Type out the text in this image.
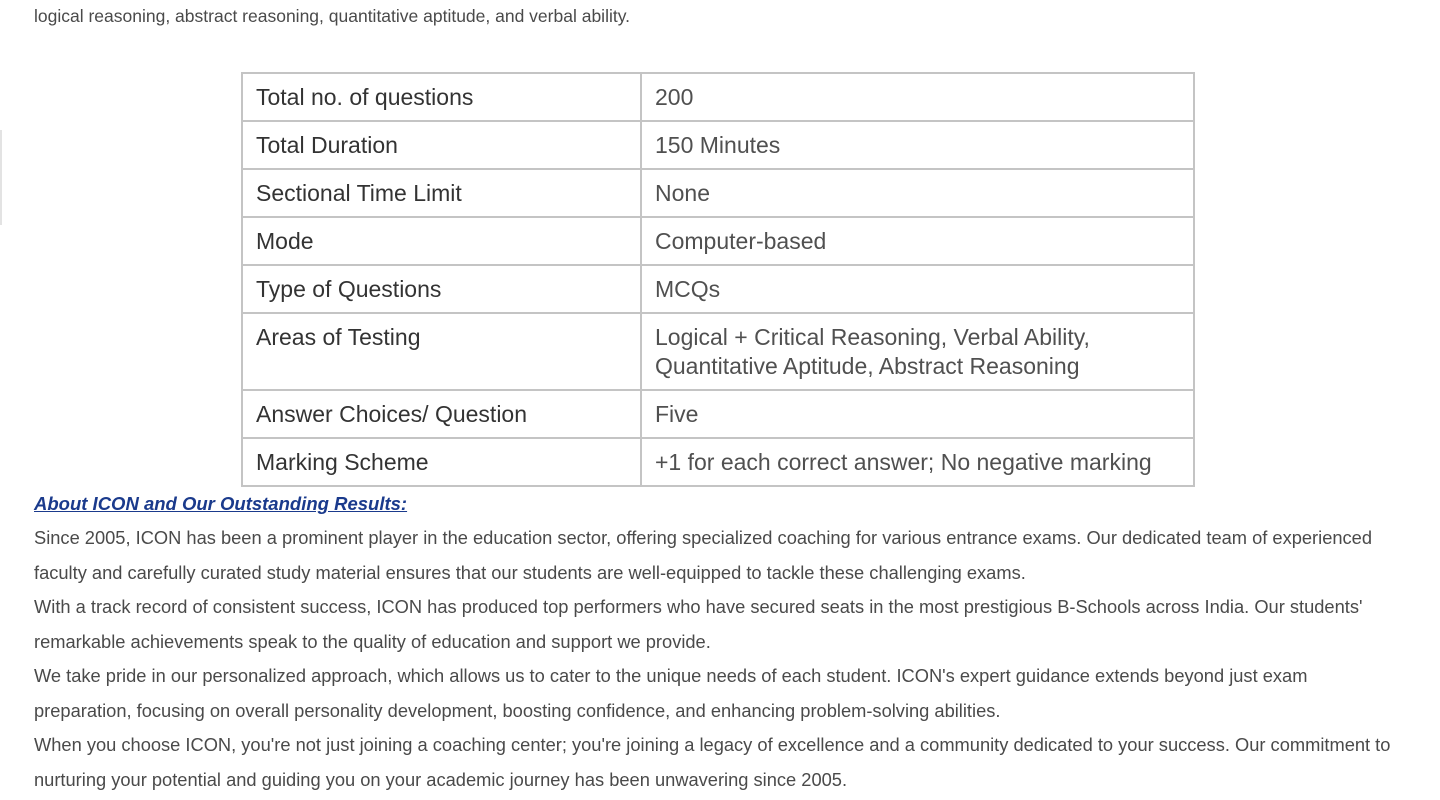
logical reasoning, abstract reasoning, quantitative aptitude, and verbal ability.

Total no. of questions	200
Total Duration	150 Minutes
Sectional Time Limit	None
Mode	Computer-based
Type of Questions	MCQs
Areas of Testing	Logical + Critical Reasoning, Verbal Ability, Quantitative Aptitude, Abstract Reasoning
Answer Choices/ Question	Five
Marking Scheme	+1 for each correct answer; No negative marking
About ICON and Our Outstanding Results:

Since 2005, ICON has been a prominent player in the education sector, offering specialized coaching for various entrance exams. Our dedicated team of experienced faculty and carefully curated study material ensures that our students are well-equipped to tackle these challenging exams.

With a track record of consistent success, ICON has produced top performers who have secured seats in the most prestigious B-Schools across India. Our students' remarkable achievements speak to the quality of education and support we provide.

We take pride in our personalized approach, which allows us to cater to the unique needs of each student. ICON's expert guidance extends beyond just exam preparation, focusing on overall personality development, boosting confidence, and enhancing problem-solving abilities.

When you choose ICON, you're not just joining a coaching center; you're joining a legacy of excellence and a community dedicated to your success. Our commitment to nurturing your potential and guiding you on your academic journey has been unwavering since 2005.
